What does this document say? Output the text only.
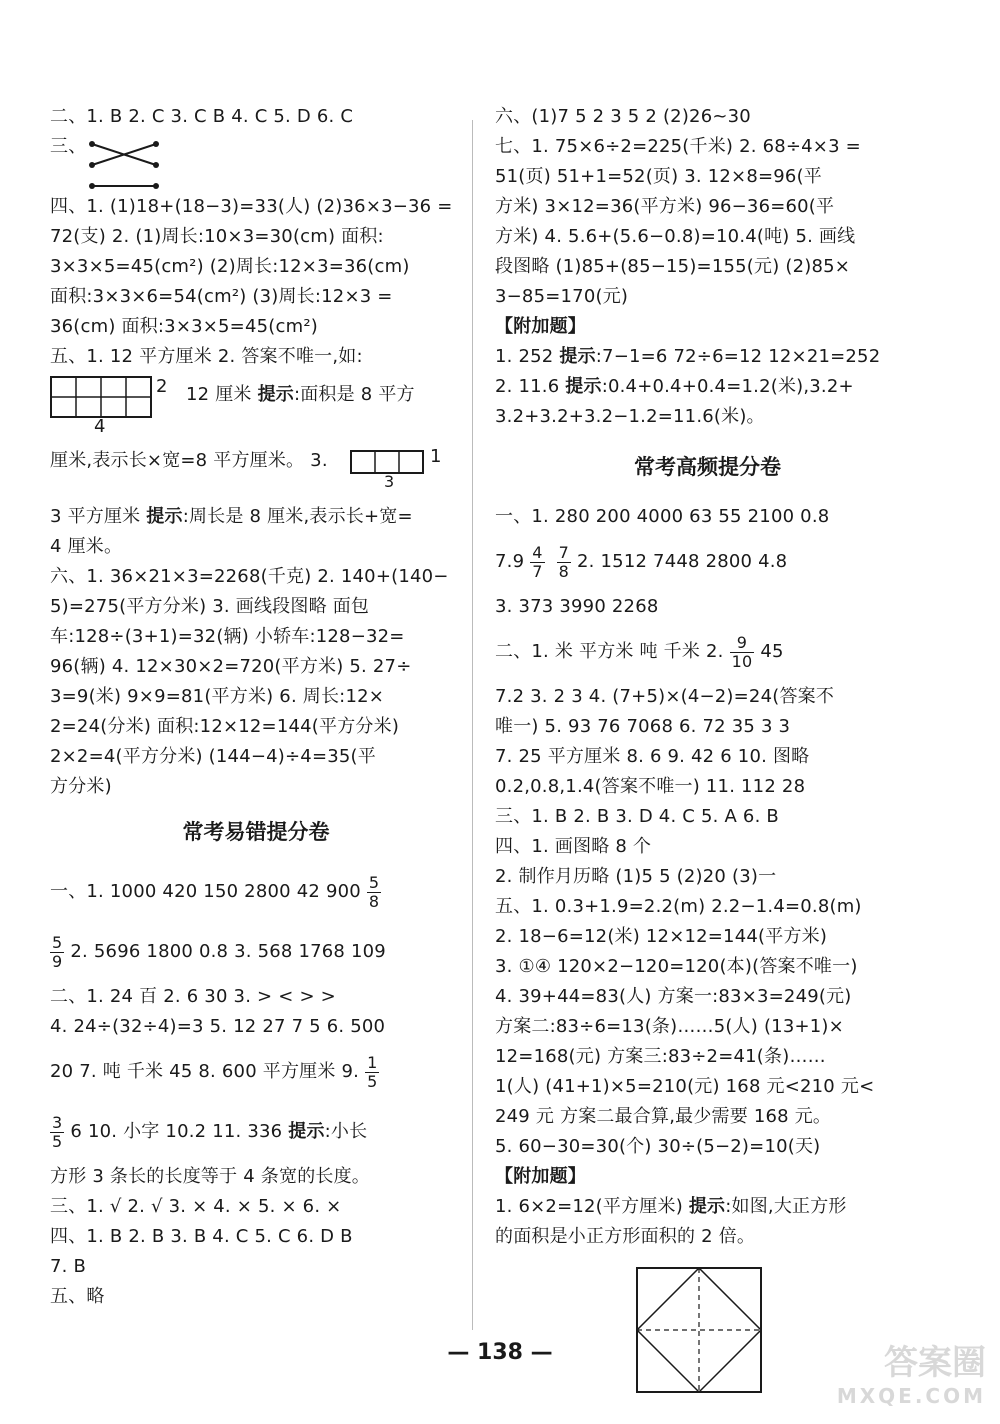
二、1. B 2. C 3. C B 4. C 5. D 6. C
三、
四、1. (1)18+(18−3)=33(人) (2)36×3−36 =
72(支) 2. (1)周长:10×3=30(cm) 面积:
3×3×5=45(cm²) (2)周长:12×3=36(cm)
面积:3×3×6=54(cm²) (3)周长:12×3 =
36(cm) 面积:3×3×5=45(cm²)
五、1. 12 平方厘米 2. 答案不唯一,如:
2
4
12 厘米 提示:面积是 8 平方
厘米,表示长×宽=8 平方厘米。 3.	1
3
3 平方厘米 提示:周长是 8 厘米,表示长+宽=
4 厘米。
六、1. 36×21×3=2268(千克) 2. 140+(140−
5)=275(平方分米) 3. 画线段图略 面包
车:128÷(3+1)=32(辆) 小轿车:128−32=
96(辆) 4. 12×30×2=720(平方米) 5. 27÷
3=9(米) 9×9=81(平方米) 6. 周长:12×
2=24(分米) 面积:12×12=144(平方分米)
2×2=4(平方分米) (144−4)÷4=35(平
方分米)
常考易错提分卷
一、1. 1000 420 150 2800 42 $900 \frac{5}{8}$
$\frac{5}{9} 2$. 5696 1800 0.8 3. 568 1768 109
二、1. 24 百 2. 6 30 3. > < > >
4. 24÷(32÷4)=3 5. 12 27 7 5 6. 500
20 7. 吨 千米 45 8. 600 平方厘米 9. $\frac{1}{5}$
$\frac{3}{5} 6$ 10. 小字 10.2 11. 336 提示:小长
方形 3 条长的长度等于 4 条宽的长度。
三、1. √ 2. √ 3. × 4. × 5. × 6. ×
四、1. B 2. B 3. B 4. C 5. C 6. D B
7. B
五、略
六、(1)7 5 2 3 5 2 (2)26~30
七、1. 75×6÷2=225(千米) 2. 68÷4×3 =
51(页) 51+1=52(页) 3. 12×8=96(平
方米) 3×12=36(平方米) 96−36=60(平
方米) 4. 5.6+(5.6−0.8)=10.4(吨) 5. 画线
段图略 (1)85+(85−15)=155(元) (2)85×
3−85=170(元)
【附加题】
1. 252 提示:7−1=6 72÷6=12 12×21=252
2. 11.6 提示:0.4+0.4+0.4=1.2(米),3.2+
3.2+3.2+3.2−1.2=11.6(米)。
常考高频提分卷
一、1. 280 200 4000 63 55 2100 0.8
$7.9 \frac{4}{7} \frac{7}{8} 2$. 1512 7448 2800 4.8
3. 373 3990 2268
二、1. 米 平方米 吨 千米 2. $\frac{9}{10} 45$
7.2 3. 2 3 4. (7+5)×(4−2)=24(答案不
唯一) 5. 93 76 7068 6. 72 35 3 3
7. 25 平方厘米 8. 6 9. 42 6 10. 图略
0.2,0.8,1.4(答案不唯一) 11. 112 28
三、1. B 2. B 3. D 4. C 5. A 6. B
四、1. 画图略 8 个
2. 制作月历略 (1)5 5 (2)20 (3)一
五、1. 0.3+1.9=2.2(m) 2.2−1.4=0.8(m)
2. 18−6=12(米) 12×12=144(平方米)
3. ①④ 120×2−120=120(本)(答案不唯一)
4. 39+44=83(人) 方案一:83×3=249(元)
方案二:83÷6=13(条)……5(人) (13+1)×
12=168(元) 方案三:83÷2=41(条)……
1(人) (41+1)×5=210(元) 168 元<210 元<
249 元 方案二最合算,最少需要 168 元。
5. 60−30=30(个) 30÷(5−2)=10(天)
【附加题】
1. 6×2=12(平方厘米) 提示:如图,大正方形
的面积是小正方形面积的 2 倍。
— 138 —	答案圈
MXQE.COM
